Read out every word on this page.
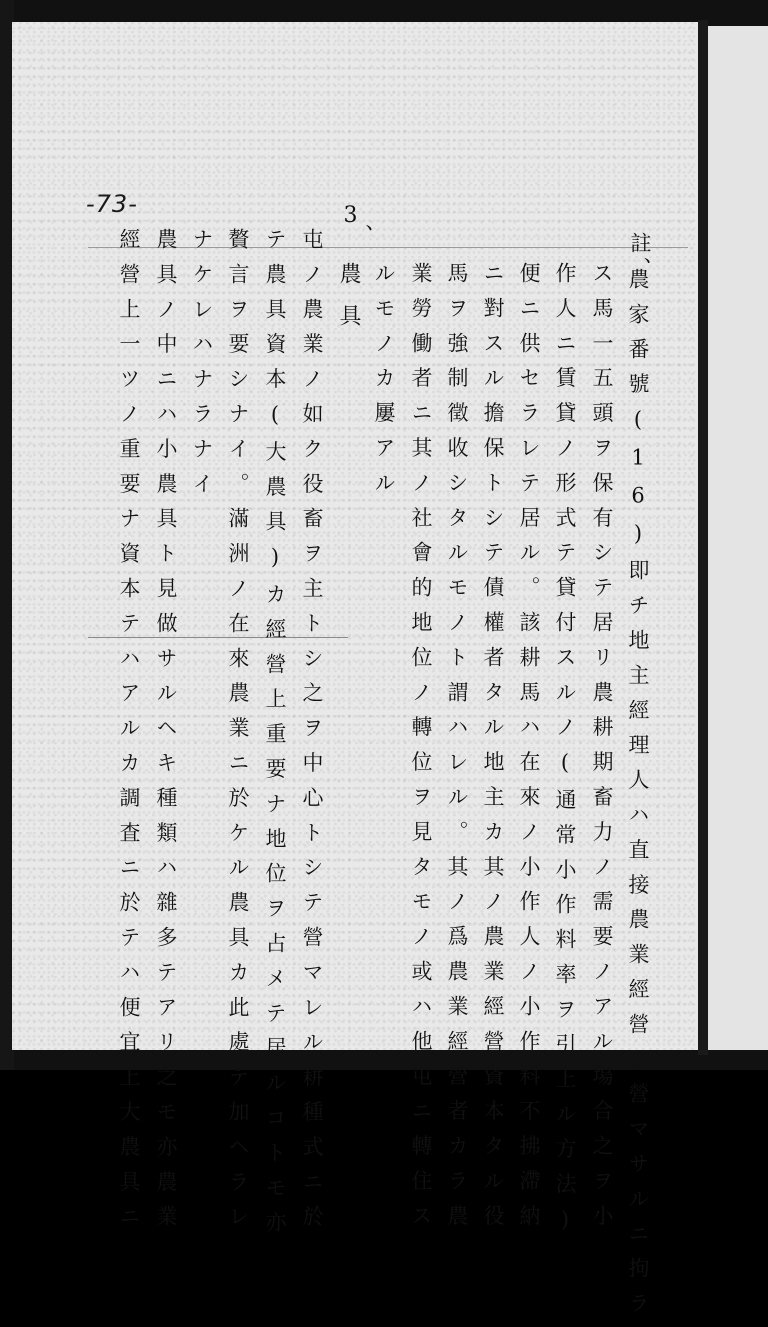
-73-
註、
農家番號(16)即チ地主經理人ハ直接農業經營ヲ營マサルニ拘ラ
ス馬一五頭ヲ保有シテ居リ農耕期畜力ノ需要ノアル場合之ヲ小
作人ニ賃貸ノ形式テ貸付スルノ(通常小作料率ヲ引上ル方法)
便ニ供セラレテ居ル。該耕馬ハ在來ノ小作人ノ小作料不拂滯納
ニ對スル擔保トシテ債權者タル地主カ其ノ農業經營資本タル役
馬ヲ強制徵收シタルモノト謂ハレル。其ノ爲農業經營者カラ農
業勞働者ニ其ノ社會的地位ノ轉位ヲ見タモノ或ハ他屯ニ轉住ス
ルモノカ屢アル
3
、
農具
屯ノ農業ノ如ク役畜ヲ主トシ之ヲ中心トシテ營マレル耕種式ニ於
テ農具資本(大農具)カ經營上重要ナ地位ヲ占メテ居ルコトモ亦
贅言ヲ要シナイ。滿洲ノ在來農業ニ於ケル農具カ此處テ加ヘラレ
ナケレハナラナイ
農具ノ中ニハ小農具ト見做サルヘキ種類ハ雜多テアリ之モ亦農業
經營上一ツノ重要ナ資本テハアルカ調査ニ於テハ便宜上大農具ニ
